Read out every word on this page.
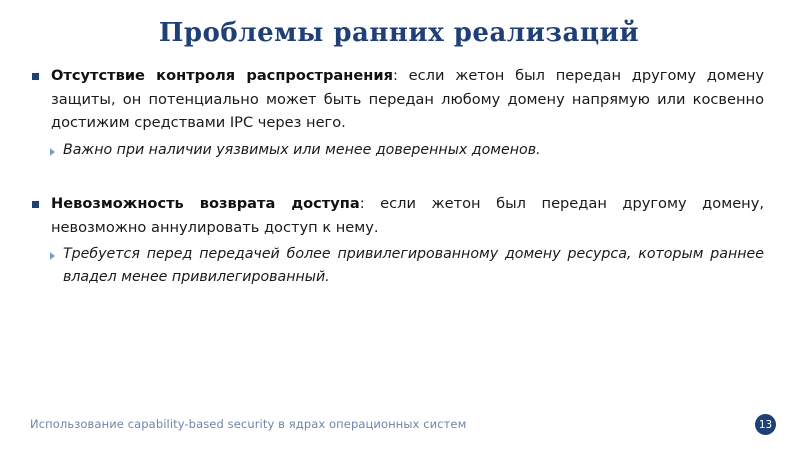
Проблемы ранних реализаций
Отсутствие контроля распространения: если жетон был передан другому домену защиты, он потенциально может быть передан любому домену напрямую или косвенно достижим средствами IPC через него.
Важно при наличии уязвимых или менее доверенных доменов.
Невозможность возврата доступа: если жетон был передан другому домену, невозможно аннулировать доступ к нему.
Требуется перед передачей более привилегированному домену ресурса, которым раннее владел менее привилегированный.
Использование capability-based security в ядрах операционных систем	13
